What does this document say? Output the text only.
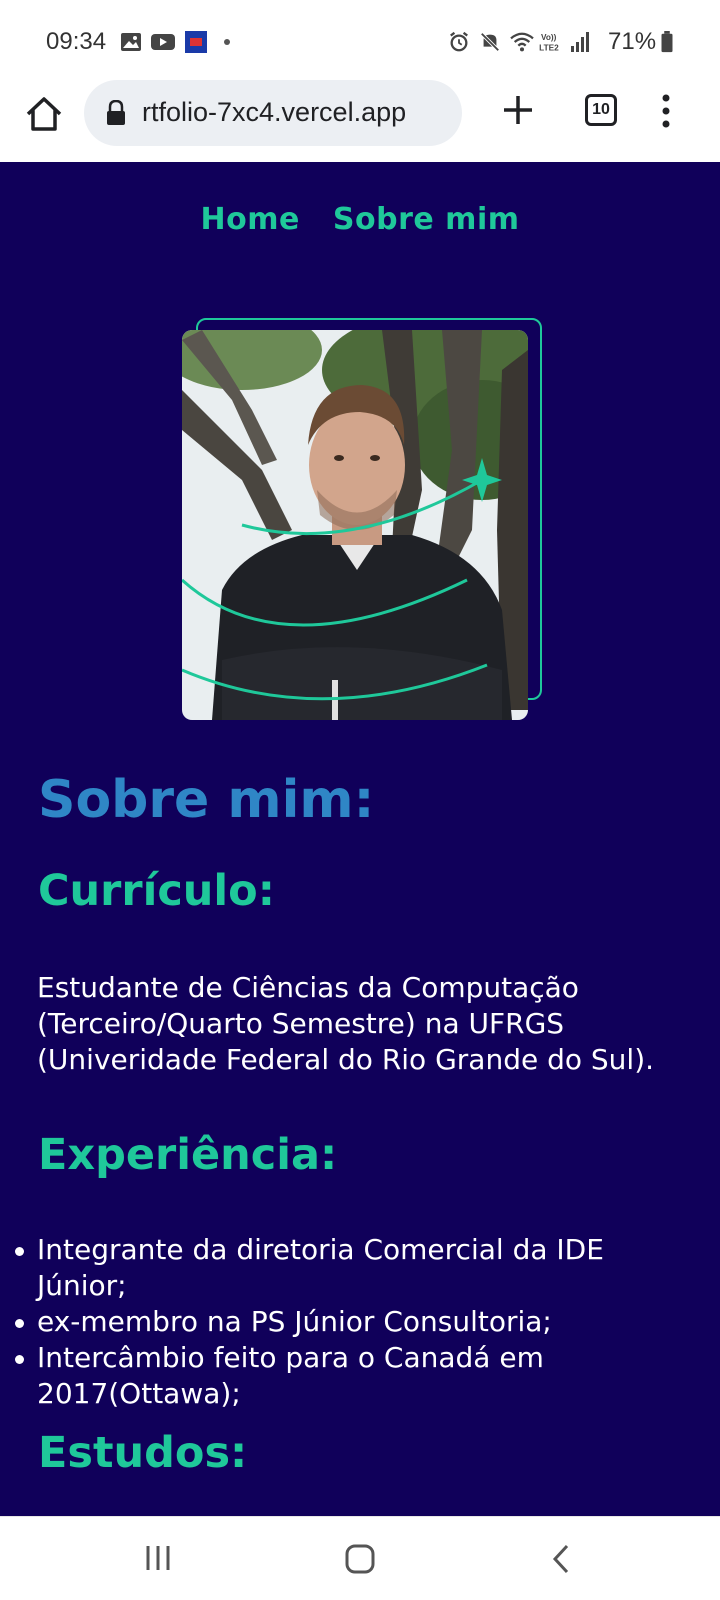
09:34	Vo))
LTE2 71%
rtfolio-7xc4.vercel.app	10
Home Sobre mim
Sobre mim:
Currículo:

Estudante de Ciências da Computação (Terceiro/Quarto Semestre) na UFRGS (Univeridade Federal do Rio Grande do Sul).

Experiência:
Integrante da diretoria Comercial da IDE Júnior;
ex-membro na PS Júnior Consultoria;
Intercâmbio feito para o Canadá em 2017(Ottawa);
Estudos:
